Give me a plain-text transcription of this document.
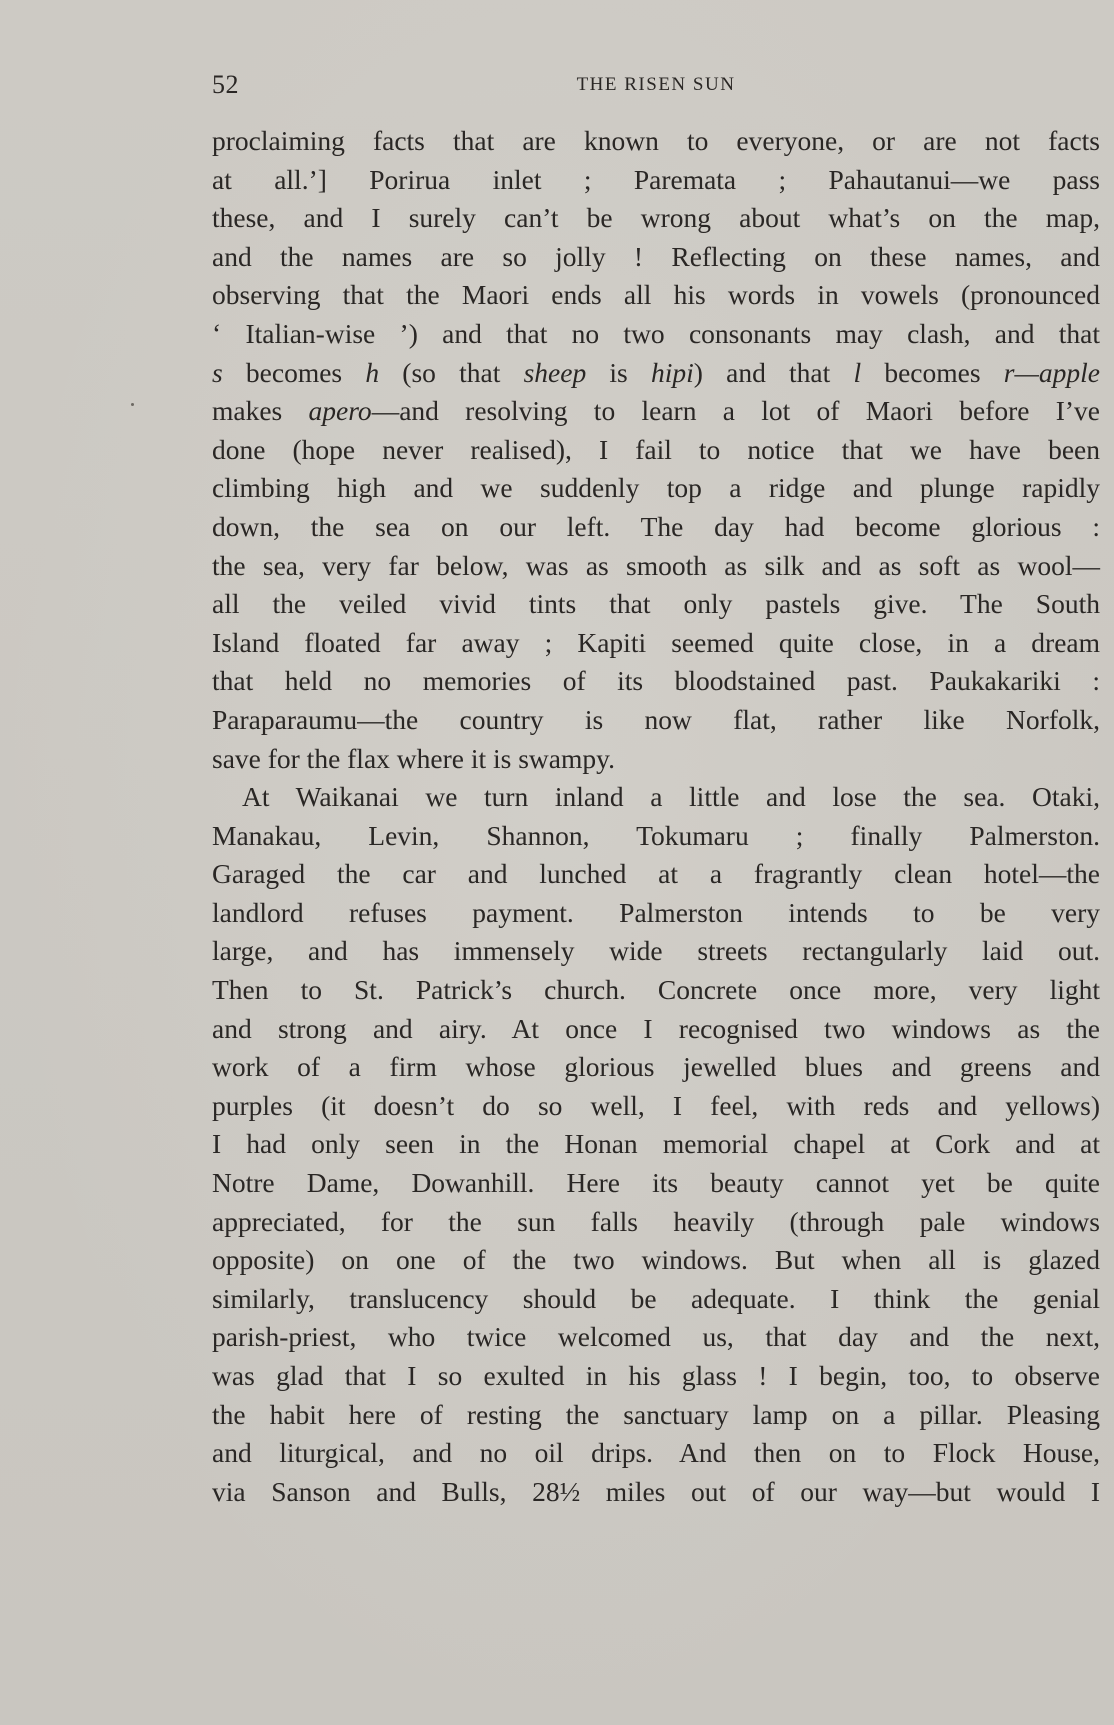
52	THE RISEN SUN
proclaiming facts that are known to everyone, or are not facts
at all.’] Porirua inlet ; Paremata ; Pahautanui—we pass
these, and I surely can’t be wrong about what’s on the map,
and the names are so jolly ! Reflecting on these names, and
observing that the Maori ends all his words in vowels (pronounced
‘ Italian-wise ’) and that no two consonants may clash, and that
s becomes h (so that sheep is hipi) and that l becomes r—apple
makes apero—and resolving to learn a lot of Maori before I’ve
done (hope never realised), I fail to notice that we have been
climbing high and we suddenly top a ridge and plunge rapidly
down, the sea on our left. The day had become glorious :
the sea, very far below, was as smooth as silk and as soft as wool—
all the veiled vivid tints that only pastels give. The South
Island floated far away ; Kapiti seemed quite close, in a dream
that held no memories of its bloodstained past. Paukakariki :
Paraparaumu—the country is now flat, rather like Norfolk,
save for the flax where it is swampy.
At Waikanai we turn inland a little and lose the sea. Otaki,
Manakau, Levin, Shannon, Tokumaru ; finally Palmerston.
Garaged the car and lunched at a fragrantly clean hotel—the
landlord refuses payment. Palmerston intends to be very
large, and has immensely wide streets rectangularly laid out.
Then to St. Patrick’s church. Concrete once more, very light
and strong and airy. At once I recognised two windows as the
work of a firm whose glorious jewelled blues and greens and
purples (it doesn’t do so well, I feel, with reds and yellows)
I had only seen in the Honan memorial chapel at Cork and at
Notre Dame, Dowanhill. Here its beauty cannot yet be quite
appreciated, for the sun falls heavily (through pale windows
opposite) on one of the two windows. But when all is glazed
similarly, translucency should be adequate. I think the genial
parish-priest, who twice welcomed us, that day and the next,
was glad that I so exulted in his glass ! I begin, too, to observe
the habit here of resting the sanctuary lamp on a pillar. Pleasing
and liturgical, and no oil drips. And then on to Flock House,
via Sanson and Bulls, 28½ miles out of our way—but would I
